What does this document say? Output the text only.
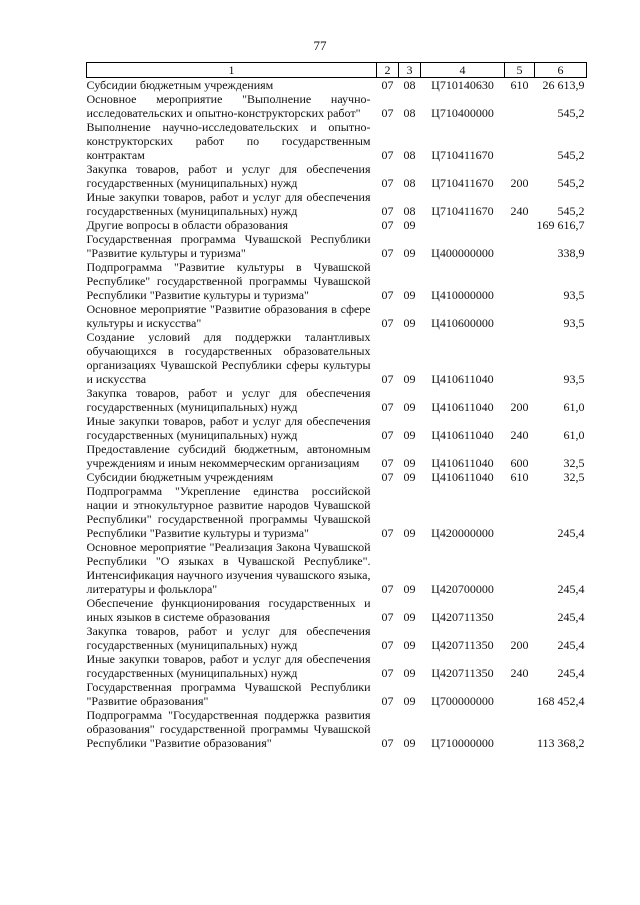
77
1	2	3	4	5	6
Субсидии бюджетным учреждениям	07	08	Ц710140630	610	26 613,9
Основное мероприятие "Выполнение научно-исследовательских и опытно-конструкторских работ"	07	08	Ц710400000		545,2
Выполнение научно-исследовательских и опытно-конструкторских работ по государственным контрактам	07	08	Ц710411670		545,2
Закупка товаров, работ и услуг для обеспечения государственных (муниципальных) нужд	07	08	Ц710411670	200	545,2
Иные закупки товаров, работ и услуг для обеспечения государственных (муниципальных) нужд	07	08	Ц710411670	240	545,2
Другие вопросы в области образования	07	09			169 616,7
Государственная программа Чувашской Республики "Развитие культуры и туризма"	07	09	Ц400000000		338,9
Подпрограмма "Развитие культуры в Чувашской Республике" государственной программы Чувашской Республики "Развитие культуры и туризма"	07	09	Ц410000000		93,5
Основное мероприятие "Развитие образования в сфере культуры и искусства"	07	09	Ц410600000		93,5
Создание условий для поддержки талантливых обучающихся в государственных образовательных организациях Чувашской Республики сферы культуры и искусства	07	09	Ц410611040		93,5
Закупка товаров, работ и услуг для обеспечения государственных (муниципальных) нужд	07	09	Ц410611040	200	61,0
Иные закупки товаров, работ и услуг для обеспечения государственных (муниципальных) нужд	07	09	Ц410611040	240	61,0
Предоставление субсидий бюджетным, автономным учреждениям и иным некоммерческим организациям	07	09	Ц410611040	600	32,5
Субсидии бюджетным учреждениям	07	09	Ц410611040	610	32,5
Подпрограмма "Укрепление единства российской нации и этнокультурное развитие народов Чувашской Республики" государственной программы Чувашской Республики "Развитие культуры и туризма"	07	09	Ц420000000		245,4
Основное мероприятие "Реализация Закона Чувашской Республики "О языках в Чувашской Республике". Интенсификация научного изучения чувашского языка, литературы и фольклора"	07	09	Ц420700000		245,4
Обеспечение функционирования государственных и иных языков в системе образования	07	09	Ц420711350		245,4
Закупка товаров, работ и услуг для обеспечения государственных (муниципальных) нужд	07	09	Ц420711350	200	245,4
Иные закупки товаров, работ и услуг для обеспечения государственных (муниципальных) нужд	07	09	Ц420711350	240	245,4
Государственная программа Чувашской Республики "Развитие образования"	07	09	Ц700000000		168 452,4
Подпрограмма "Государственная поддержка развития образования" государственной программы Чувашской Республики "Развитие образования"	07	09	Ц710000000		113 368,2
